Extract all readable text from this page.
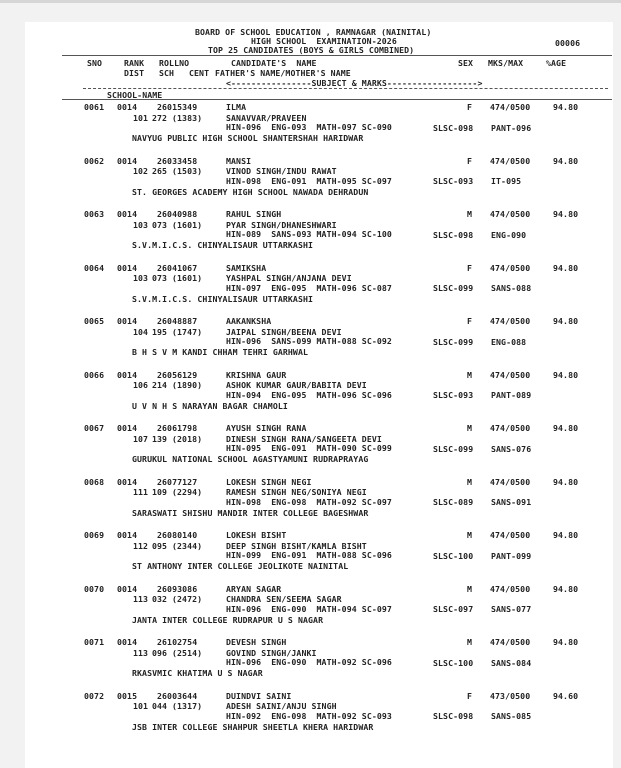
BOARD OF SCHOOL EDUCATION , RAMNAGAR (NAINITAL)
HIGH SCHOOL  EXAMINATION-2026
TOP 25 CANDIDATES (BOYS & GIRLS COMBINED)
00006
SNO	RANK ROLLNO	CANDIDATE'S  NAME	SEX MKS/MAX	%AGE
DIST SCH CENT FATHER'S NAME/MOTHER'S NAME
<----------------SUBJECT & MARKS------------------>
SCHOOL-NAME
0061 0014 26015349	ILMA	F 474/0500	94.80
101 272 (1383)	SANAVVAR/PRAVEEN
HIN-096  ENG-093  MATH-097 SC-090	SLSC-098 PANT-096
NAVYUG PUBLIC HIGH SCHOOL SHANTERSHAH HARIDWAR
0062 0014 26033458	MANSI	F 474/0500	94.80
102 265 (1503)	VINOD SINGH/INDU RAWAT
HIN-098  ENG-091  MATH-095 SC-097	SLSC-093 IT-095
ST. GEORGES ACADEMY HIGH SCHOOL NAWADA DEHRADUN
0063 0014 26040988	RAHUL SINGH	M 474/0500	94.80
103 073 (1601)	PYAR SINGH/DHANESHWARI
HIN-089  SANS-093 MATH-094 SC-100	SLSC-098 ENG-090
S.V.M.I.C.S. CHINYALISAUR UTTARKASHI
0064 0014 26041067	SAMIKSHA	F 474/0500	94.80
103 073 (1601)	YASHPAL SINGH/ANJANA DEVI
HIN-097  ENG-095  MATH-096 SC-087	SLSC-099 SANS-088
S.V.M.I.C.S. CHINYALISAUR UTTARKASHI
0065 0014 26048887	AAKANKSHA	F 474/0500	94.80
104 195 (1747)	JAIPAL SINGH/BEENA DEVI
HIN-096  SANS-099 MATH-088 SC-092	SLSC-099 ENG-088
B H S V M KANDI CHHAM TEHRI GARHWAL
0066 0014 26056129	KRISHNA GAUR	M 474/0500	94.80
106 214 (1890)	ASHOK KUMAR GAUR/BABITA DEVI
HIN-094  ENG-095  MATH-096 SC-096	SLSC-093 PANT-089
U V N H S NARAYAN BAGAR CHAMOLI
0067 0014 26061798	AYUSH SINGH RANA	M 474/0500	94.80
107 139 (2018)	DINESH SINGH RANA/SANGEETA DEVI
HIN-095  ENG-091  MATH-090 SC-099	SLSC-099 SANS-076
GURUKUL NATIONAL SCHOOL AGASTYAMUNI RUDRAPRAYAG
0068 0014 26077127	LOKESH SINGH NEGI	M 474/0500	94.80
111 109 (2294)	RAMESH SINGH NEG/SONIYA NEGI
HIN-098  ENG-098  MATH-092 SC-097	SLSC-089 SANS-091
SARASWATI SHISHU MANDIR INTER COLLEGE BAGESHWAR
0069 0014 26080140	LOKESH BISHT	M 474/0500	94.80
112 095 (2344)	DEEP SINGH BISHT/KAMLA BISHT
HIN-099  ENG-091  MATH-088 SC-096	SLSC-100 PANT-099
ST ANTHONY INTER COLLEGE JEOLIKOTE NAINITAL
0070 0014 26093086	ARYAN SAGAR	M 474/0500	94.80
113 032 (2472)	CHANDRA SEN/SEEMA SAGAR
HIN-096  ENG-090  MATH-094 SC-097	SLSC-097 SANS-077
JANTA INTER COLLEGE RUDRAPUR U S NAGAR
0071 0014 26102754	DEVESH SINGH	M 474/0500	94.80
113 096 (2514)	GOVIND SINGH/JANKI
HIN-096  ENG-090  MATH-092 SC-096	SLSC-100 SANS-084
RKASVMIC KHATIMA U S NAGAR
0072 0015 26003644	DUINDVI SAINI	F 473/0500	94.60
101 044 (1317)	ADESH SAINI/ANJU SINGH
HIN-092  ENG-098  MATH-092 SC-093	SLSC-098 SANS-085
JSB INTER COLLEGE SHAHPUR SHEETLA KHERA HARIDWAR
